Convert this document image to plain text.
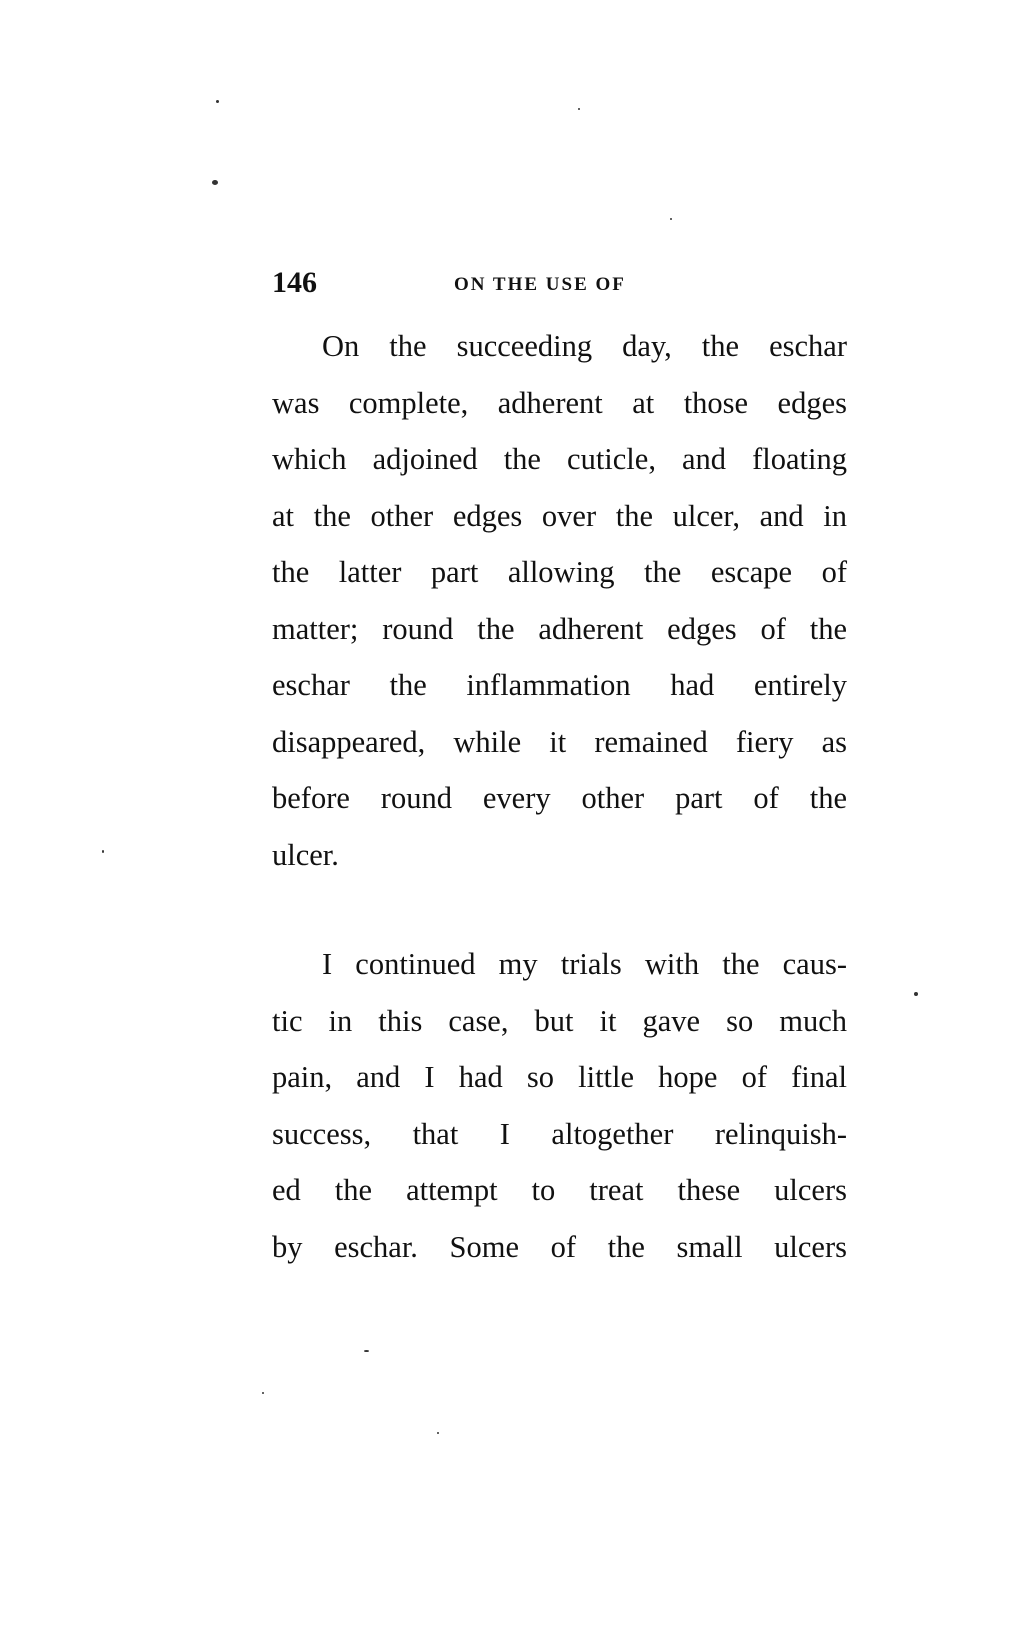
146	ON THE USE OF
On the succeeding day, the eschar
was complete, adherent at those edges
which adjoined the cuticle, and floating
at the other edges over the ulcer, and in
the latter part allowing the escape of
matter; round the adherent edges of the
eschar the inflammation had entirely
disappeared, while it remained fiery as
before round every other part of the
ulcer.
I continued my trials with the caus-
tic in this case, but it gave so much
pain, and I had so little hope of final
success, that I altogether relinquish-
ed the attempt to treat these ulcers
by eschar. Some of the small ulcers
